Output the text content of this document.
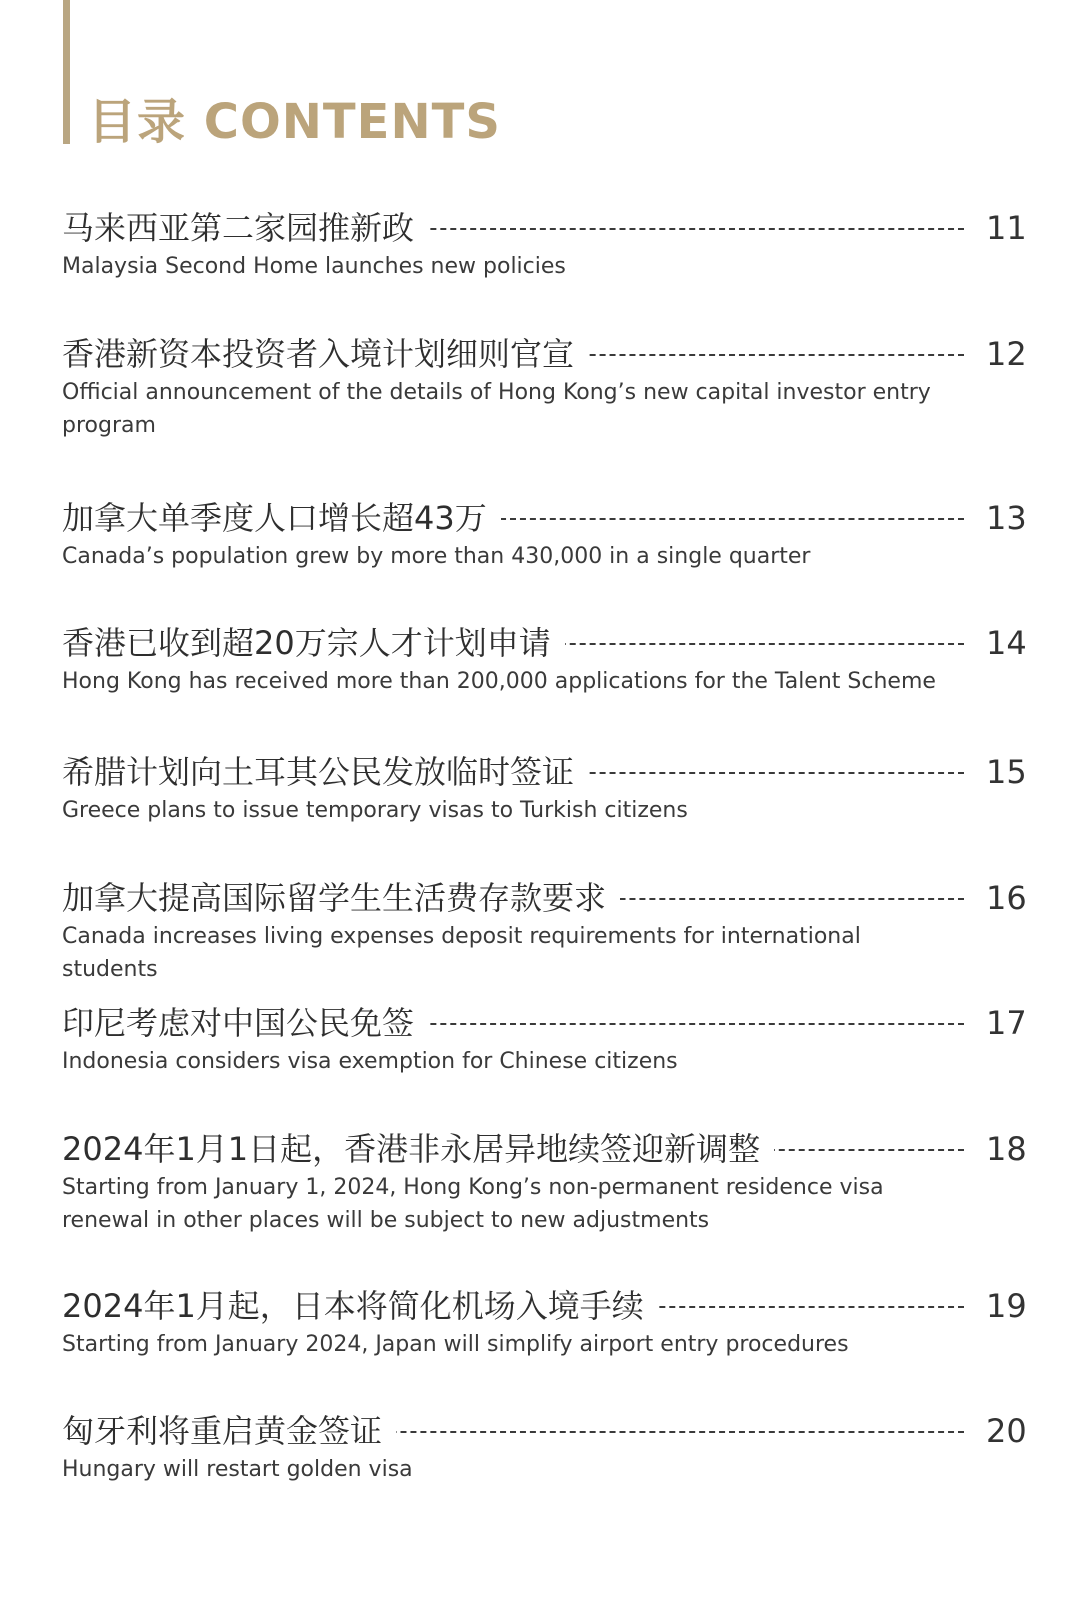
目录 CONTENTS
马来西亚第二家园推新政	11

Malaysia Second Home launches new policies

香港新资本投资者入境计划细则官宣	12

Official announcement of the details of Hong Kong’s new capital investor entry program

加拿大单季度人口增长超43万	13

Canada’s population grew by more than 430,000 in a single quarter

香港已收到超20万宗人才计划申请	14

Hong Kong has received more than 200,000 applications for the Talent Scheme

希腊计划向土耳其公民发放临时签证	15

Greece plans to issue temporary visas to Turkish citizens

加拿大提高国际留学生生活费存款要求	16

Canada increases living expenses deposit requirements for international students

印尼考虑对中国公民免签	17

Indonesia considers visa exemption for Chinese citizens

2024年1月1日起，香港非永居异地续签迎新调整	18

Starting from January 1, 2024, Hong Kong’s non-permanent residence visa renewal in other places will be subject to new adjustments

2024年1月起，日本将简化机场入境手续	19

Starting from January 2024, Japan will simplify airport entry procedures

匈牙利将重启黄金签证	20

Hungary will restart golden visa
